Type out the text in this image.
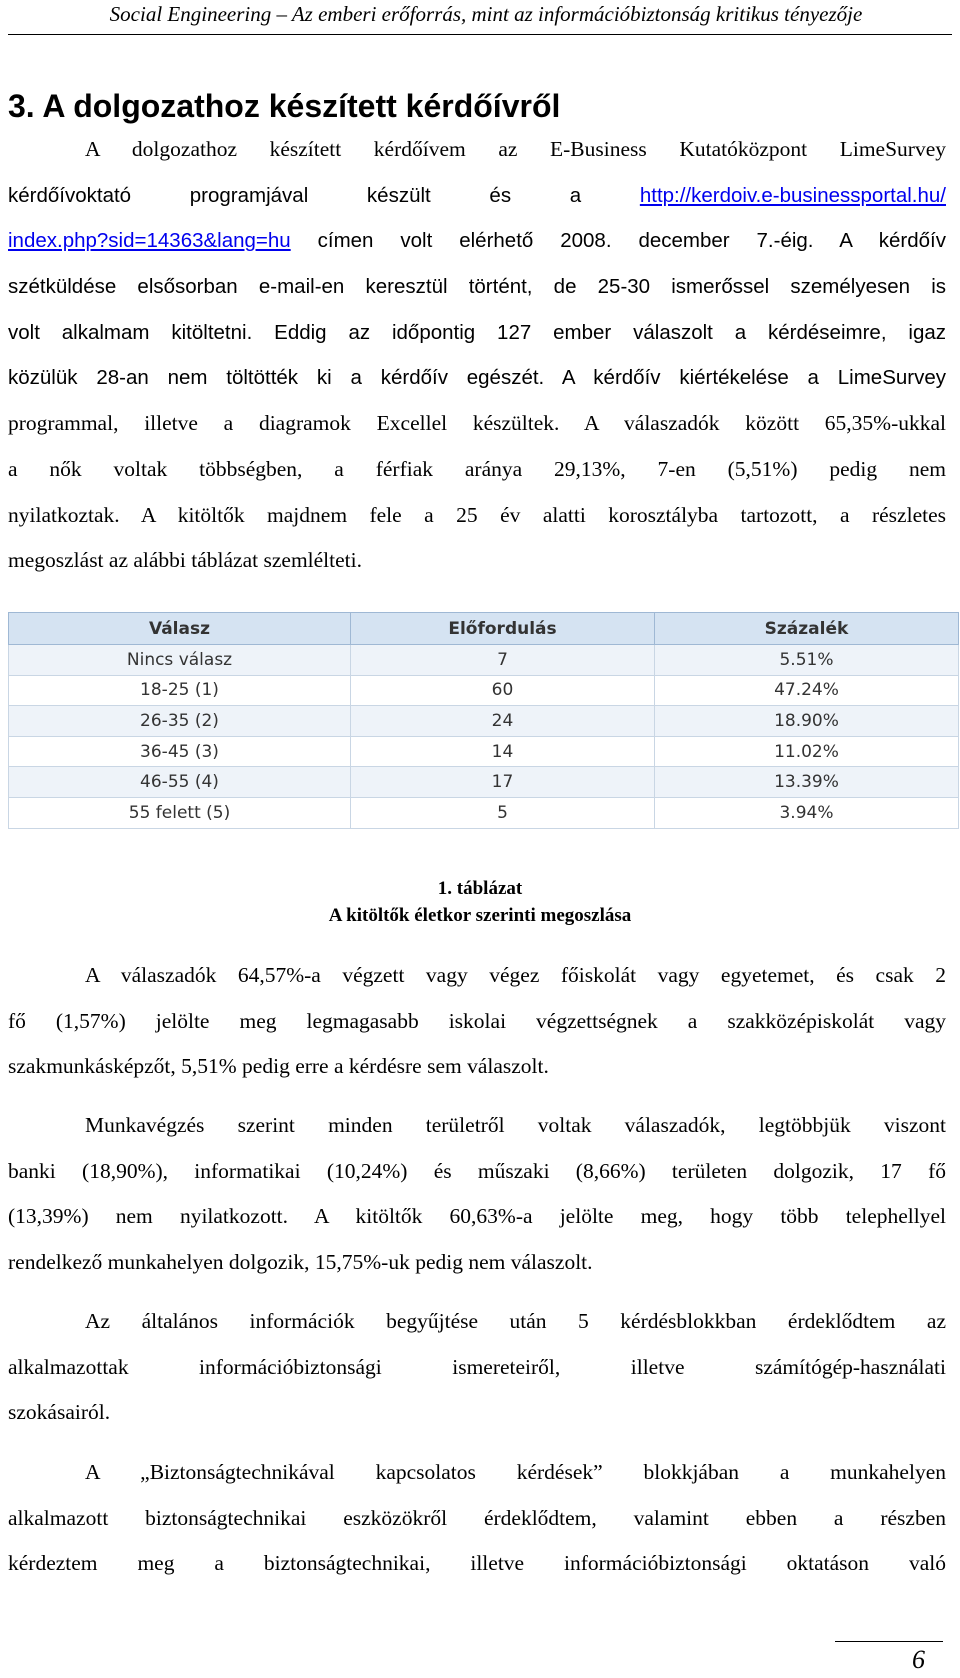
Social Engineering – Az emberi erőforrás, mint az információbiztonság kritikus tényezője
3. A dolgozathoz készített kérdőívről
A dolgozathoz készített kérdőívem az E-Business Kutatóközpont LimeSurvey
kérdőívoktató programjával készült és a http://kerdoiv.e-businessportal.hu/
index.php?sid=14363&lang=hu címen volt elérhető 2008. december 7.-éig. A kérdőív
szétküldése elsősorban e-mail-en keresztül történt, de 25-30 ismerőssel személyesen is
volt alkalmam kitöltetni. Eddig az időpontig 127 ember válaszolt a kérdéseimre, igaz
közülük 28-an nem töltötték ki a kérdőív egészét. A kérdőív kiértékelése a LimeSurvey
programmal, illetve a diagramok Excellel készültek. A válaszadók között 65,35%-ukkal
a nők voltak többségben, a férfiak aránya 29,13%, 7-en (5,51%) pedig nem
nyilatkoztak. A kitöltők majdnem fele a 25 év alatti korosztályba tartozott, a részletes
megoszlást az alábbi táblázat szemlélteti.
Válasz	Előfordulás	Százalék
Nincs válasz	7	5.51%
18-25 (1)	60	47.24%
26-35 (2)	24	18.90%
36-45 (3)	14	11.02%
46-55 (4)	17	13.39%
55 felett (5)	5	3.94%
1. táblázat
A kitöltők életkor szerinti megoszlása
A válaszadók 64,57%-a végzett vagy végez főiskolát vagy egyetemet, és csak 2
fő (1,57%) jelölte meg legmagasabb iskolai végzettségnek a szakközépiskolát vagy
szakmunkásképzőt, 5,51% pedig erre a kérdésre sem válaszolt.
Munkavégzés szerint minden területről voltak válaszadók, legtöbbjük viszont
banki (18,90%), informatikai (10,24%) és műszaki (8,66%) területen dolgozik, 17 fő
(13,39%) nem nyilatkozott. A kitöltők 60,63%-a jelölte meg, hogy több telephellyel
rendelkező munkahelyen dolgozik, 15,75%-uk pedig nem válaszolt.
Az általános információk begyűjtése után 5 kérdésblokkban érdeklődtem az
alkalmazottak információbiztonsági ismereteiről, illetve számítógép-használati
szokásairól.
A „Biztonságtechnikával kapcsolatos kérdések” blokkjában a munkahelyen
alkalmazott biztonságtechnikai eszközökről érdeklődtem, valamint ebben a részben
kérdeztem meg a biztonságtechnikai, illetve információbiztonsági oktatáson való
6
